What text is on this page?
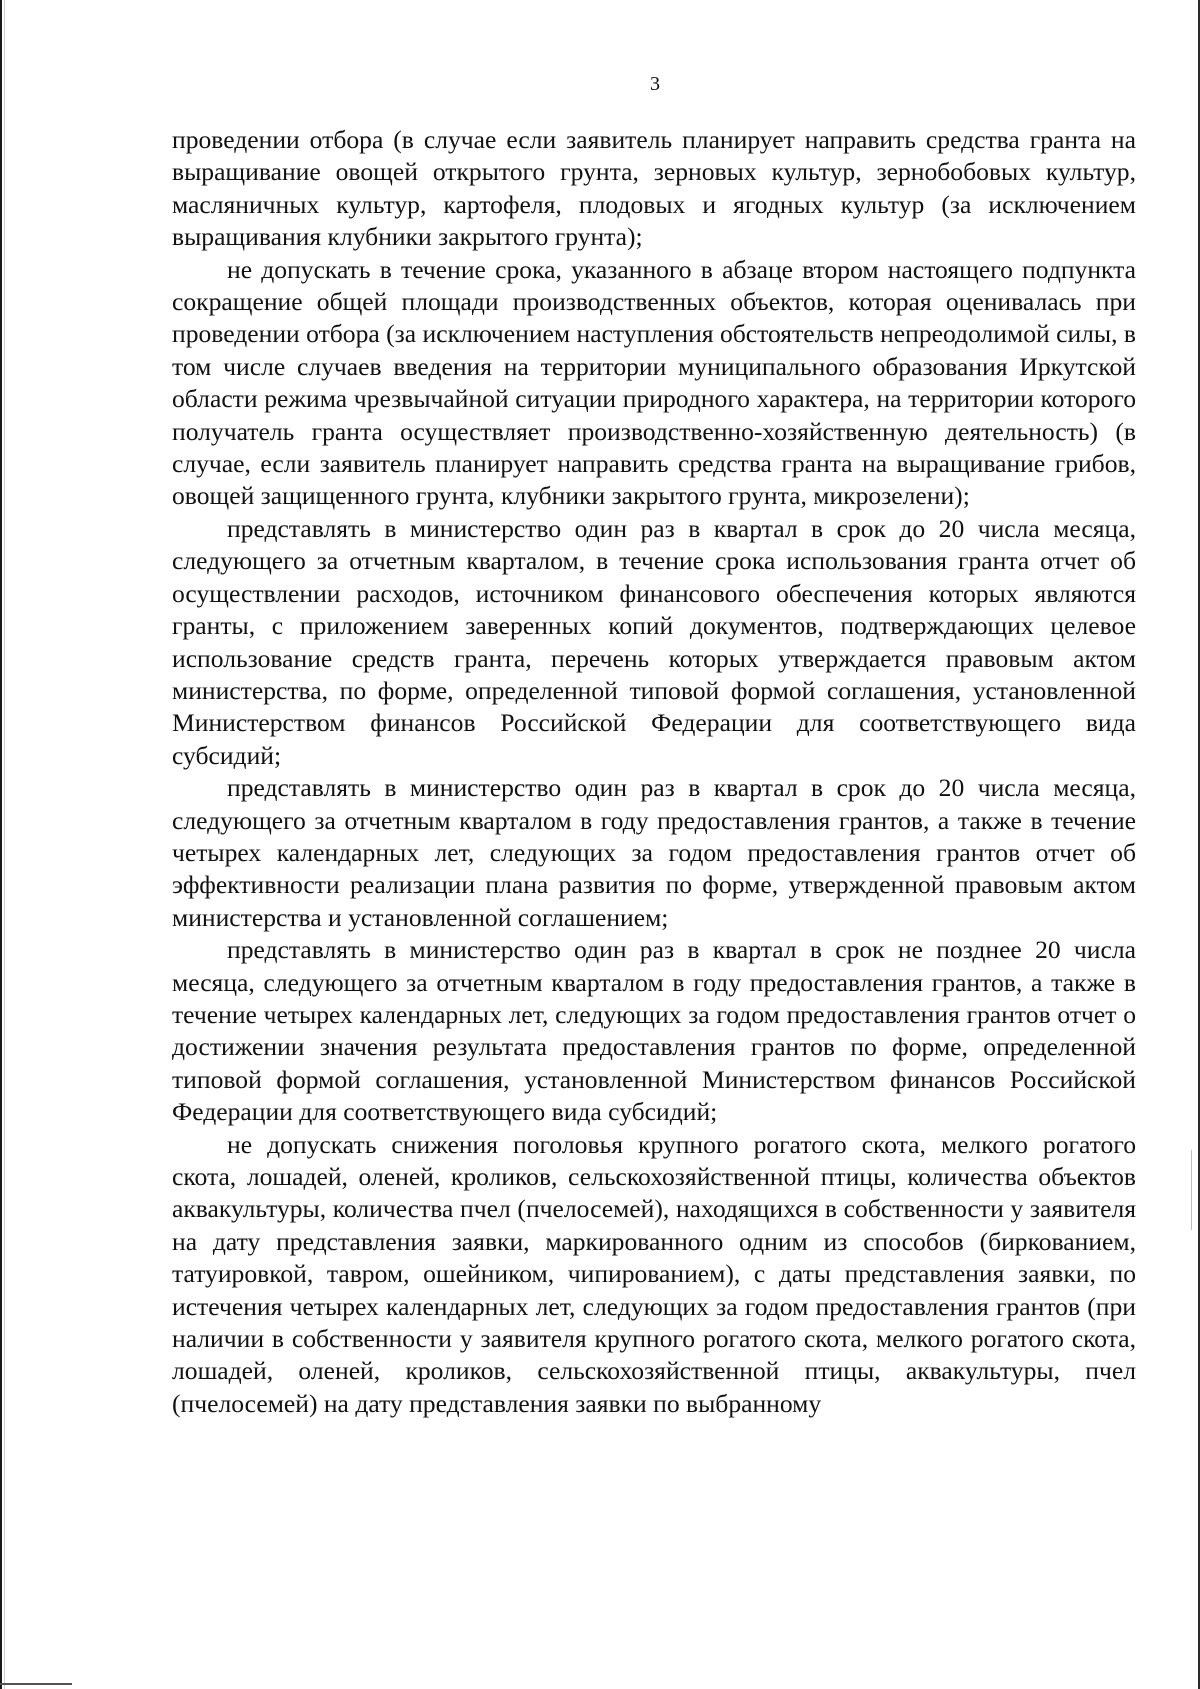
3

проведении отбора (в случае если заявитель планирует направить средства гранта на выращивание овощей открытого грунта, зерновых культур, зернобобовых культур, масляничных культур, картофеля, плодовых и ягодных культур (за исключением выращивания клубники закрытого грунта);

не допускать в течение срока, указанного в абзаце втором настоящего подпункта сокращение общей площади производственных объектов, которая оценивалась при проведении отбора (за исключением наступления обстоятельств непреодолимой силы, в том числе случаев введения на территории муниципального образования Иркутской области режима чрезвычайной ситуации природного характера, на территории которого получатель гранта осуществляет производственно-хозяйственную деятельность) (в случае, если заявитель планирует направить средства гранта на выращивание грибов, овощей защищенного грунта, клубники закрытого грунта, микрозелени);

представлять в министерство один раз в квартал в срок до 20 числа месяца, следующего за отчетным кварталом, в течение срока использования гранта отчет об осуществлении расходов, источником финансового обеспечения которых являются гранты, с приложением заверенных копий документов, подтверждающих целевое использование средств гранта, перечень которых утверждается правовым актом министерства, по форме, определенной типовой формой соглашения, установленной Министерством финансов Российской Федерации для соответствующего вида субсидий;

представлять в министерство один раз в квартал в срок до 20 числа месяца, следующего за отчетным кварталом в году предоставления грантов, а также в течение четырех календарных лет, следующих за годом предоставления грантов отчет об эффективности реализации плана развития по форме, утвержденной правовым актом министерства и установленной соглашением;

представлять в министерство один раз в квартал в срок не позднее 20 числа месяца, следующего за отчетным кварталом в году предоставления грантов, а также в течение четырех календарных лет, следующих за годом предоставления грантов отчет о достижении значения результата предоставления грантов по форме, определенной типовой формой соглашения, установленной Министерством финансов Российской Федерации для соответствующего вида субсидий;

не допускать снижения поголовья крупного рогатого скота, мелкого рогатого скота, лошадей, оленей, кроликов, сельскохозяйственной птицы, количества объектов аквакультуры, количества пчел (пчелосемей), находящихся в собственности у заявителя на дату представления заявки, маркированного одним из способов (биркованием, татуировкой, тавром, ошейником, чипированием), с даты представления заявки, по истечения четырех календарных лет, следующих за годом предоставления грантов (при наличии в собственности у заявителя крупного рогатого скота, мелкого рогатого скота, лошадей, оленей, кроликов, сельскохозяйственной птицы, аквакультуры, пчел (пчелосемей) на дату представления заявки по выбранному
